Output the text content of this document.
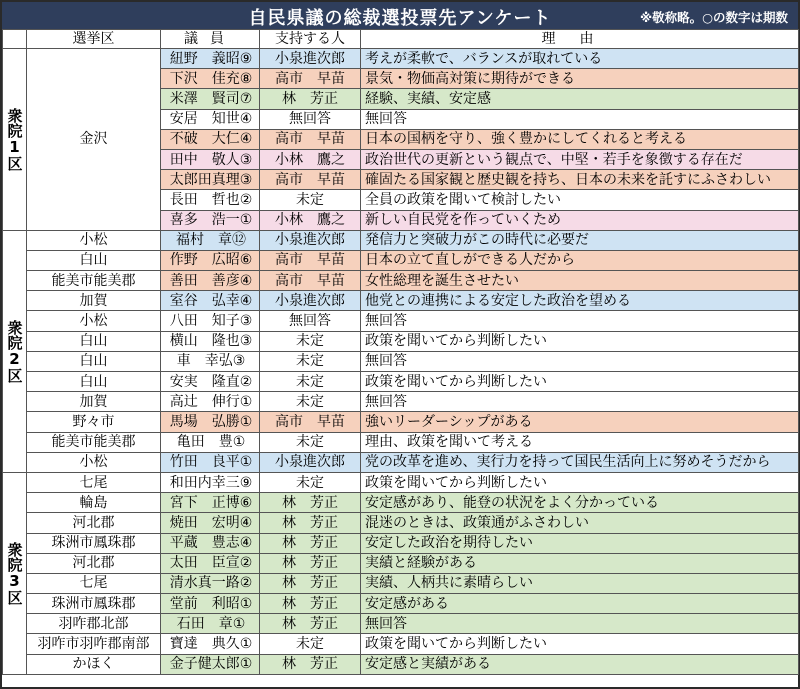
自民県議の総裁選投票先アンケート	※敬称略。○の数字は期数
	選挙区	議員	支持する人	理由
衆院1区	金沢	紐野　義昭⑨	小泉進次郎	考えが柔軟で、バランスが取れている
		下沢　佳充⑧	高市　早苗	景気・物価高対策に期待ができる
		米澤　賢司⑦	林　芳正	経験、実績、安定感
		安居　知世④	無回答	無回答
		不破　大仁④	高市　早苗	日本の国柄を守り、強く豊かにしてくれると考える
		田中　敬人③	小林　鷹之	政治世代の更新という観点で、中堅・若手を象徴する存在だ
		太郎田真理③	高市　早苗	確固たる国家観と歴史観を持ち、日本の未来を託すにふさわしい
		長田　哲也②	未定	全員の政策を聞いて検討したい
		喜多　浩一①	小林　鷹之	新しい自民党を作っていくため
衆院2区	小松	福村　章⑫	小泉進次郎	発信力と突破力がこの時代に必要だ
	白山	作野　広昭⑥	高市　早苗	日本の立て直しができる人だから
	能美市能美郡	善田　善彦④	高市　早苗	女性総理を誕生させたい
	加賀	室谷　弘幸④	小泉進次郎	他党との連携による安定した政治を望める
	小松	八田　知子③	無回答	無回答
	白山	横山　隆也③	未定	政策を聞いてから判断したい
	白山	車　幸弘③	未定	無回答
	白山	安実　隆直②	未定	政策を聞いてから判断したい
	加賀	高辻　伸行①	未定	無回答
	野々市	馬場　弘勝①	高市　早苗	強いリーダーシップがある
	能美市能美郡	亀田　豊①	未定	理由、政策を聞いて考える
	小松	竹田　良平①	小泉進次郎	党の改革を進め、実行力を持って国民生活向上に努めそうだから
衆院3区	七尾	和田内幸三⑨	未定	政策を聞いてから判断したい
	輪島	宮下　正博⑥	林　芳正	安定感があり、能登の状況をよく分かっている
	河北郡	焼田　宏明④	林　芳正	混迷のときは、政策通がふさわしい
	珠洲市鳳珠郡	平蔵　豊志④	林　芳正	安定した政治を期待したい
	河北郡	太田　臣宣②	林　芳正	実績と経験がある
	七尾	清水真一路②	林　芳正	実績、人柄共に素晴らしい
	珠洲市鳳珠郡	堂前　利昭①	林　芳正	安定感がある
	羽咋郡北部	石田　章①	林　芳正	無回答
	羽咋市羽咋郡南部	寶達　典久①	未定	政策を聞いてから判断したい
	かほく	金子健太郎①	林　芳正	安定感と実績がある
